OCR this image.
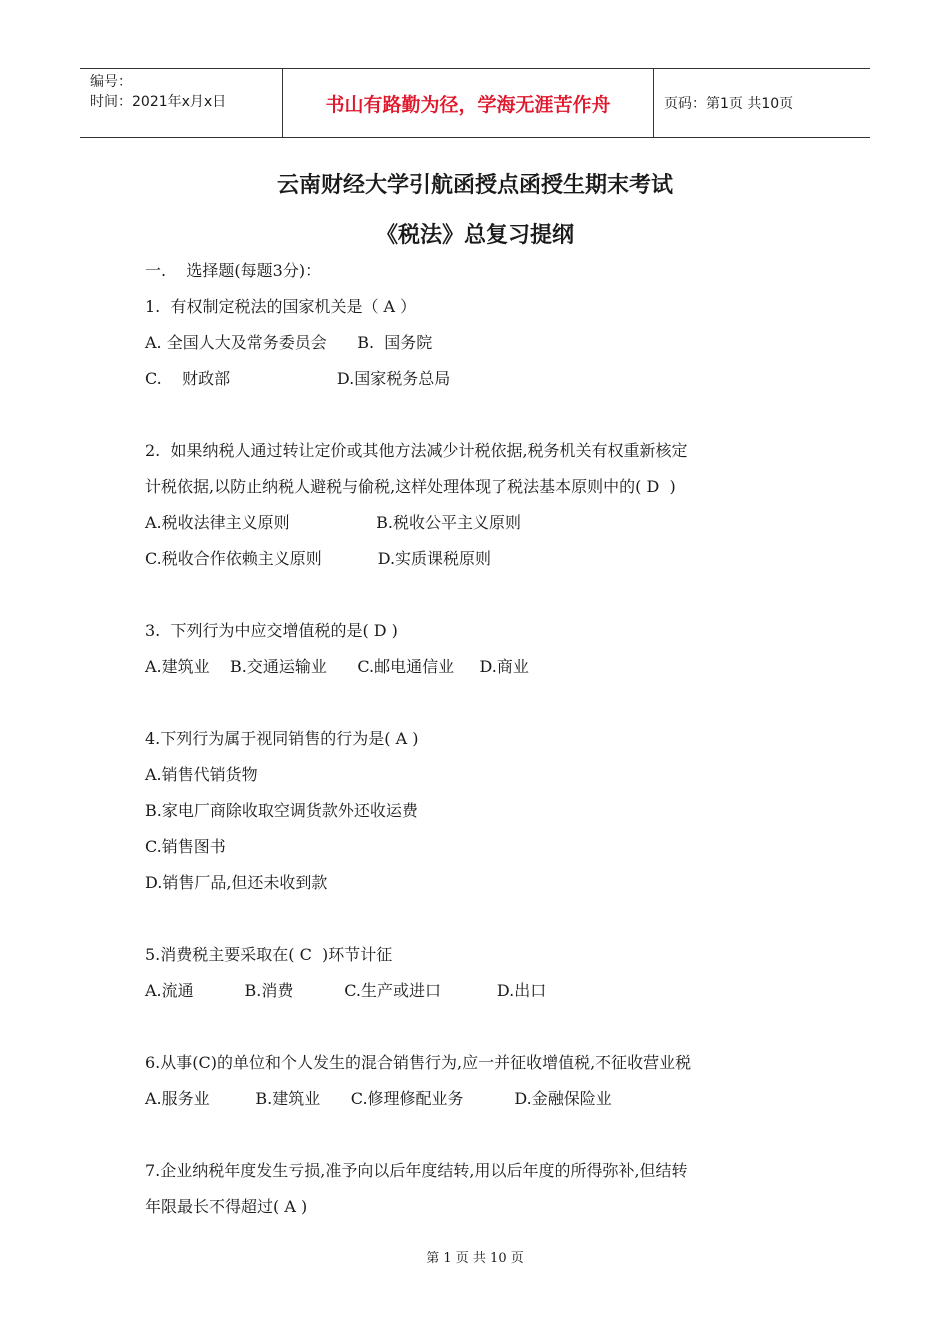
编号：
时间：2021年x月x日	书山有路勤为径，学海无涯苦作舟	页码：第1页 共10页
云南财经大学引航函授点函授生期末考试
《税法》总复习提纲
一.    选择题(每题3分)：
1.  有权制定税法的国家机关是（ A ）
A. 全国人大及常务委员会      B.  国务院
C.    财政部                     D.国家税务总局
2.  如果纳税人通过转让定价或其他方法减少计税依据,税务机关有权重新核定
计税依据,以防止纳税人避税与偷税,这样处理体现了税法基本原则中的( D  )
A.税收法律主义原则                 B.税收公平主义原则
C.税收合作依赖主义原则           D.实质课税原则
3.  下列行为中应交增值税的是( D )
A.建筑业    B.交通运输业      C.邮电通信业     D.商业
4.下列行为属于视同销售的行为是( A )
A.销售代销货物
B.家电厂商除收取空调货款外还收运费
C.销售图书
D.销售厂品,但还未收到款
5.消费税主要采取在( C  )环节计征
A.流通          B.消费          C.生产或进口           D.出口
6.从事(C)的单位和个人发生的混合销售行为,应一并征收增值税,不征收营业税
A.服务业         B.建筑业      C.修理修配业务          D.金融保险业
7.企业纳税年度发生亏损,准予向以后年度结转,用以后年度的所得弥补,但结转
年限最长不得超过( A )
第 1 页 共 10 页
